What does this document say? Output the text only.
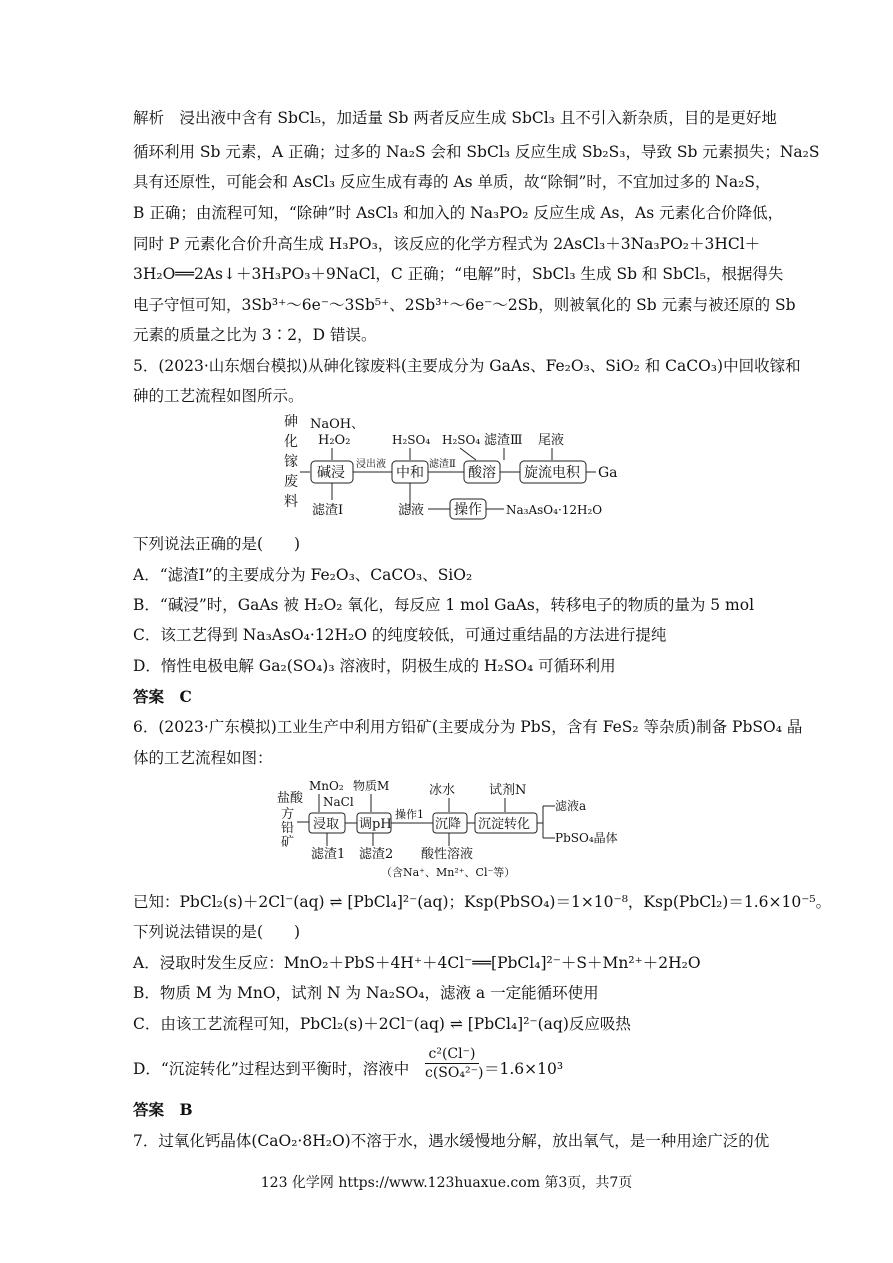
解析　浸出液中含有 SbCl₅，加适量 Sb 两者反应生成 SbCl₃ 且不引入新杂质，目的是更好地
循环利用 Sb 元素，A 正确；过多的 Na₂S 会和 SbCl₃ 反应生成 Sb₂S₃，导致 Sb 元素损失；Na₂S
具有还原性，可能会和 AsCl₃ 反应生成有毒的 As 单质，故“除铜”时，不宜加过多的 Na₂S，
B 正确；由流程可知，“除砷”时 AsCl₃ 和加入的 Na₃PO₂ 反应生成 As，As 元素化合价降低，
同时 P 元素化合价升高生成 H₃PO₃，该反应的化学方程式为 2AsCl₃＋3Na₃PO₂＋3HCl＋
3H₂O══2As↓＋3H₃PO₃＋9NaCl，C 正确；“电解”时，SbCl₃ 生成 Sb 和 SbCl₅，根据得失
电子守恒可知，3Sb³⁺～6e⁻～3Sb⁵⁺、2Sb³⁺～6e⁻～2Sb，则被氧化的 Sb 元素与被还原的 Sb
元素的质量之比为 3∶2，D 错误。
5．(2023·山东烟台模拟)从砷化镓废料(主要成分为 GaAs、Fe₂O₃、SiO₂ 和 CaCO₃)中回收镓和
砷的工艺流程如图所示。
砷
化
镓
废
料
NaOH、
H₂O₂
碱浸
滤渣Ⅰ
浸出液
H₂SO₄
中和
滤液 操作 Na₃AsO₄·12H₂O
滤渣Ⅱ
H₂SO₄
酸溶
滤渣Ⅲ
旋流电积
尾液
Ga
下列说法正确的是(　　)
A．“滤渣Ⅰ”的主要成分为 Fe₂O₃、CaCO₃、SiO₂
B．“碱浸”时，GaAs 被 H₂O₂ 氧化，每反应 1 mol GaAs，转移电子的物质的量为 5 mol
C．该工艺得到 Na₃AsO₄·12H₂O 的纯度较低，可通过重结晶的方法进行提纯
D．惰性电极电解 Ga₂(SO₄)₃ 溶液时，阴极生成的 H₂SO₄ 可循环利用
答案　C
6．(2023·广东模拟)工业生产中利用方铅矿(主要成分为 PbS，含有 FeS₂ 等杂质)制备 PbSO₄ 晶
体的工艺流程如图：
盐酸
方
铅
矿
MnO₂
NaCl
浸取
滤渣1
物质M
调pH
滤渣2
操作1
冰水
沉降
酸性溶液
（含Na⁺、Mn²⁺、Cl⁻等）
试剂N
沉淀转化
滤液a
PbSO₄晶体
已知：PbCl₂(s)＋2Cl⁻(aq) ⇌ [PbCl₄]²⁻(aq)；Ksp(PbSO₄)＝1×10⁻⁸，Ksp(PbCl₂)＝1.6×10⁻⁵。
下列说法错误的是(　　)
A．浸取时发生反应：MnO₂＋PbS＋4H⁺＋4Cl⁻══[PbCl₄]²⁻＋S＋Mn²⁺＋2H₂O
B．物质 M 为 MnO，试剂 N 为 Na₂SO₄，滤液 a 一定能循环使用
C．由该工艺流程可知，PbCl₂(s)＋2Cl⁻(aq) ⇌ [PbCl₄]²⁻(aq)反应吸热
D．“沉淀转化”过程达到平衡时，溶液中
c²(Cl⁻)
c(SO₄²⁻) ＝1.6×10³
答案　B
7．过氧化钙晶体(CaO₂·8H₂O)不溶于水，遇水缓慢地分解，放出氧气，是一种用途广泛的优
123 化学网 https://www.123huaxue.com 第3页，共7页
